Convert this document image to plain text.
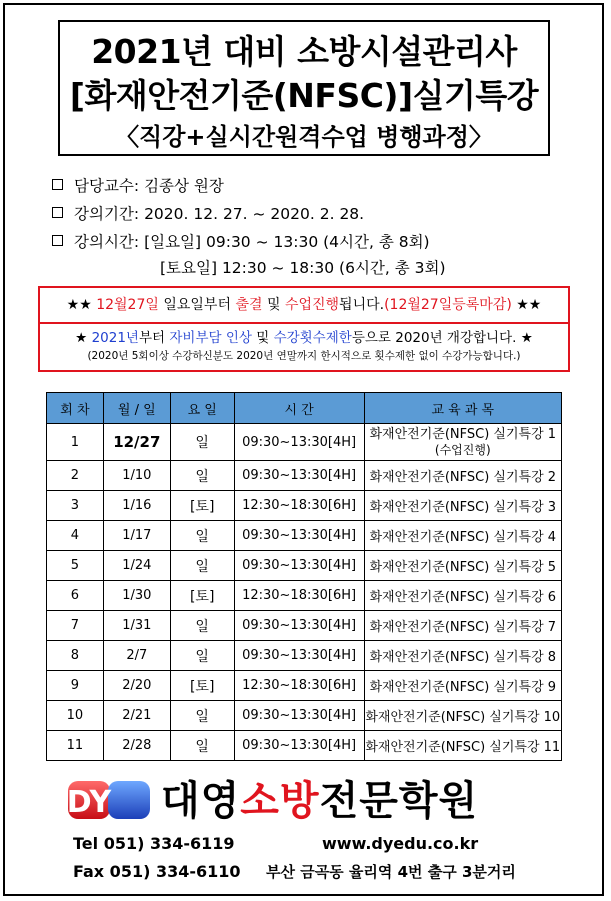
2021년 대비 소방시설관리사
[화재안전기준(NFSC)]실기특강
〈직강+실시간원격수업 병행과정〉
담당교수: 김종상 원장
강의기간: 2020. 12. 27. ~ 2020. 2. 28.
강의시간: [일요일] 09:30 ~ 13:30 (4시간, 총 8회)
[토요일] 12:30 ~ 18:30 (6시간, 총 3회)
★★ 12월27일 일요일부터 출결 및 수업진행됩니다.(12월27일등록마감) ★★
★ 2021년부터 자비부담 인상 및 수강횟수제한등으로 2020년 개강합니다. ★
(2020년 5회이상 수강하신분도 2020년 연말까지 한시적으로 횟수제한 없이 수강가능합니다.)
회 차	월 / 일	요 일	시 간	교 육 과 목
1	12/27	일	09:30~13:30[4H]	화재안전기준(NFSC) 실기특강 1
(수업진행)

2	1/10	일	09:30~13:30[4H]	화재안전기준(NFSC) 실기특강 2
3	1/16	[토]	12:30~18:30[6H]	화재안전기준(NFSC) 실기특강 3
4	1/17	일	09:30~13:30[4H]	화재안전기준(NFSC) 실기특강 4
5	1/24	일	09:30~13:30[4H]	화재안전기준(NFSC) 실기특강 5
6	1/30	[토]	12:30~18:30[6H]	화재안전기준(NFSC) 실기특강 6
7	1/31	일	09:30~13:30[4H]	화재안전기준(NFSC) 실기특강 7
8	2/7	일	09:30~13:30[4H]	화재안전기준(NFSC) 실기특강 8
9	2/20	[토]	12:30~18:30[6H]	화재안전기준(NFSC) 실기특강 9
10	2/21	일	09:30~13:30[4H]	화재안전기준(NFSC) 실기특강 10
11	2/28	일	09:30~13:30[4H]	화재안전기준(NFSC) 실기특강 11
DY 대영소방전문학원
Tel 051) 334-6119	www.dyedu.co.kr
Fax 051) 334-6110 부산 금곡동 율리역 4번 출구 3분거리
